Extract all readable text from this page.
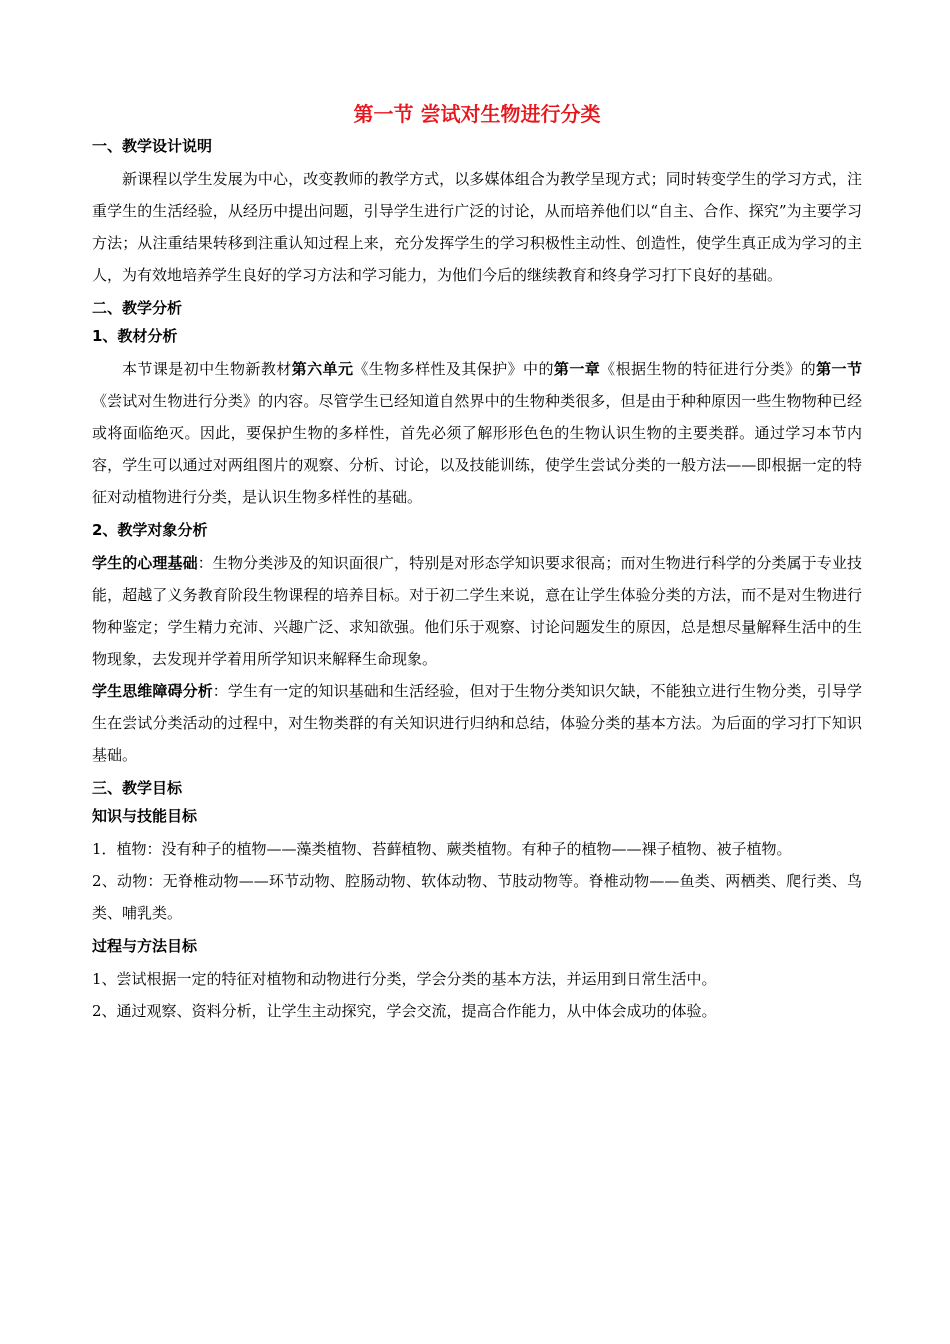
第一节 尝试对生物进行分类
一、教学设计说明

新课程以学生发展为中心，改变教师的教学方式，以多媒体组合为教学呈现方式；同时转变学生的学习方式，注重学生的生活经验，从经历中提出问题，引导学生进行广泛的讨论，从而培养他们以“自主、合作、探究”为主要学习方法；从注重结果转移到注重认知过程上来，充分发挥学生的学习积极性主动性、创造性，使学生真正成为学习的主人，为有效地培养学生良好的学习方法和学习能力，为他们今后的继续教育和终身学习打下良好的基础。

二、教学分析
1、教材分析

本节课是初中生物新教材第六单元《生物多样性及其保护》中的第一章《根据生物的特征进行分类》的第一节《尝试对生物进行分类》的内容。尽管学生已经知道自然界中的生物种类很多，但是由于种种原因一些生物物种已经或将面临绝灭。因此，要保护生物的多样性，首先必须了解形形色色的生物认识生物的主要类群。通过学习本节内容，学生可以通过对两组图片的观察、分析、讨论，以及技能训练，使学生尝试分类的一般方法——即根据一定的特征对动植物进行分类，是认识生物多样性的基础。

2、教学对象分析

学生的心理基础：生物分类涉及的知识面很广，特别是对形态学知识要求很高；而对生物进行科学的分类属于专业技能，超越了义务教育阶段生物课程的培养目标。对于初二学生来说，意在让学生体验分类的方法，而不是对生物进行物种鉴定；学生精力充沛、兴趣广泛、求知欲强。他们乐于观察、讨论问题发生的原因，总是想尽量解释生活中的生物现象，去发现并学着用所学知识来解释生命现象。

学生思维障碍分析：学生有一定的知识基础和生活经验，但对于生物分类知识欠缺，不能独立进行生物分类，引导学生在尝试分类活动的过程中，对生物类群的有关知识进行归纳和总结，体验分类的基本方法。为后面的学习打下知识基础。

三、教学目标
知识与技能目标

1．植物：没有种子的植物——藻类植物、苔藓植物、蕨类植物。有种子的植物——裸子植物、被子植物。

2、动物：无脊椎动物——环节动物、腔肠动物、软体动物、节肢动物等。脊椎动物——鱼类、两栖类、爬行类、鸟类、哺乳类。

过程与方法目标

1、尝试根据一定的特征对植物和动物进行分类，学会分类的基本方法，并运用到日常生活中。

2、通过观察、资料分析，让学生主动探究，学会交流，提高合作能力，从中体会成功的体验。
